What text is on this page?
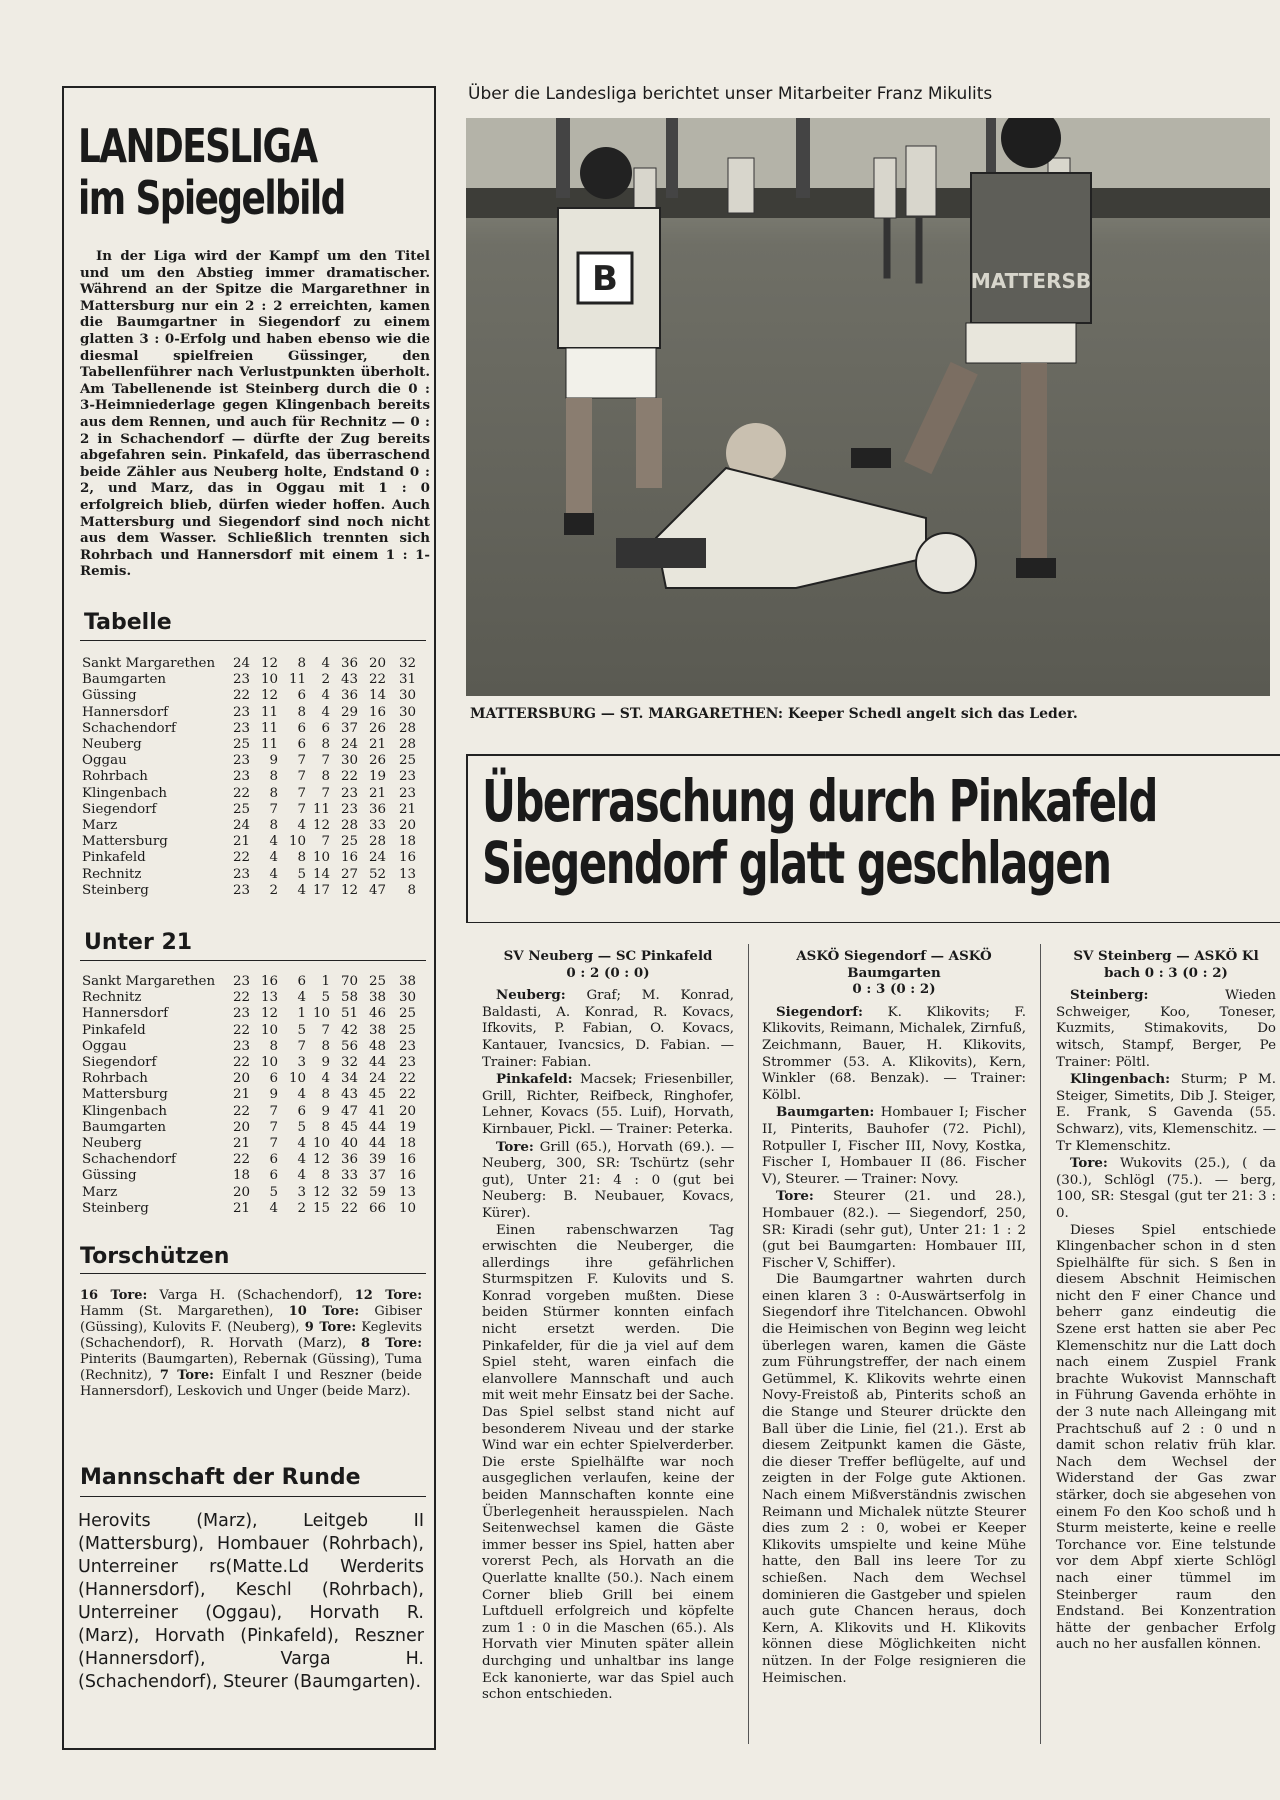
LANDESLIGA
im Spiegelbild
In der Liga wird der Kampf um den Titel und um den Abstieg immer dramatischer. Während an der Spitze die Margarethner in Mattersburg nur ein 2 : 2 erreichten, kamen die Baumgartner in Siegendorf zu einem glatten 3 : 0-Erfolg und haben ebenso wie die diesmal spielfreien Güssinger, den Tabellenführer nach Verlustpunkten überholt. Am Tabellenende ist Steinberg durch die 0 : 3-Heimniederlage gegen Klingenbach bereits aus dem Rennen, und auch für Rechnitz — 0 : 2 in Schachendorf — dürfte der Zug bereits abgefahren sein. Pinkafeld, das überraschend beide Zähler aus Neuberg holte, Endstand 0 : 2, und Marz, das in Oggau mit 1 : 0 erfolgreich blieb, dürfen wieder hoffen. Auch Mattersburg und Siegendorf sind noch nicht aus dem Wasser. Schließlich trennten sich Rohrbach und Hannersdorf mit einem 1 : 1-Remis.
Tabelle
Sankt Margarethen	24 12	8	4 36 20 32
Baumgarten	23 10 11	2 43 22 31
Güssing	22 12	6	4 36 14 30
Hannersdorf	23 11	8	4 29 16 30
Schachendorf	23 11	6	6 37 26 28
Neuberg	25 11	6	8 24 21 28
Oggau	23	9	7	7 30 26 25
Rohrbach	23	8	7	8 22 19 23
Klingenbach	22	8	7	7 23 21 23
Siegendorf	25	7	7 11 23 36 21
Marz	24	8	4 12 28 33 20
Mattersburg	21	4 10	7 25 28 18
Pinkafeld	22	4	8 10 16 24 16
Rechnitz	23	4	5 14 27 52 13
Steinberg	23	2	4 17 12 47	8
Unter 21
Sankt Margarethen	23 16	6	1 70 25 38
Rechnitz	22 13	4	5 58 38 30
Hannersdorf	23 12	1 10 51 46 25
Pinkafeld	22 10	5	7 42 38 25
Oggau	23	8	7	8 56 48 23
Siegendorf	22 10	3	9 32 44 23
Rohrbach	20	6 10	4 34 24 22
Mattersburg	21	9	4	8 43 45 22
Klingenbach	22	7	6	9 47 41 20
Baumgarten	20	7	5	8 45 44 19
Neuberg	21	7	4 10 40 44 18
Schachendorf	22	6	4 12 36 39 16
Güssing	18	6	4	8 33 37 16
Marz	20	5	3 12 32 59 13
Steinberg	21	4	2 15 22 66 10
Torschützen
16 Tore: Varga H. (Schachendorf), 12 Tore: Hamm (St. Margarethen), 10 Tore: Gibiser (Güssing), Kulovits F. (Neuberg), 9 Tore: Keglevits (Schachendorf), R. Horvath (Marz), 8 Tore: Pinterits (Baumgarten), Rebernak (Güssing), Tuma (Rechnitz), 7 Tore: Einfalt I und Reszner (beide Hannersdorf), Leskovich und Unger (beide Marz).
Mannschaft der Runde
Herovits (Marz), Leitgeb II (Mattersburg), Hombauer (Rohrbach), Unterreiner rs(Matte.Ld Werderits (Hannersdorf), Keschl (Rohrbach), Unterreiner (Oggau), Horvath R. (Marz), Horvath (Pinkafeld), Reszner (Hannersdorf), Varga H. (Schachendorf), Steurer (Baumgarten).
Über die Landesliga berichtet unser Mitarbeiter Franz Mikulits
B	MATTERSB
MATTERSBURG — ST. MARGARETHEN: Keeper Schedl angelt sich das Leder.
Überraschung durch Pinkafeld
Siegendorf glatt geschlagen

SV Neuberg — SC Pinkafeld

0 : 2 (0 : 0)

Neuberg: Graf; M. Konrad, Baldasti, A. Konrad, R. Kovacs, Ifkovits, P. Fabian, O. Kovacs, Kantauer, Ivancsics, D. Fabian. — Trainer: Fabian.

Pinkafeld: Macsek; Friesenbiller, Grill, Richter, Reifbeck, Ringhofer, Lehner, Kovacs (55. Luif), Horvath, Kirnbauer, Pickl. — Trainer: Peterka.

Tore: Grill (65.), Horvath (69.). — Neuberg, 300, SR: Tschürtz (sehr gut), Unter 21: 4 : 0 (gut bei Neuberg: B. Neubauer, Kovacs, Kürer).

Einen rabenschwarzen Tag erwischten die Neuberger, die allerdings ihre gefährlichen Sturmspitzen F. Kulovits und S. Konrad vorgeben mußten. Diese beiden Stürmer konnten einfach nicht ersetzt werden. Die Pinkafelder, für die ja viel auf dem Spiel steht, waren einfach die elanvollere Mannschaft und auch mit weit mehr Einsatz bei der Sache. Das Spiel selbst stand nicht auf besonderem Niveau und der starke Wind war ein echter Spielverderber. Die erste Spielhälfte war noch ausgeglichen verlaufen, keine der beiden Mannschaften konnte eine Überlegenheit herausspielen. Nach Seitenwechsel kamen die Gäste immer besser ins Spiel, hatten aber vorerst Pech, als Horvath an die Querlatte knallte (50.). Nach einem Corner blieb Grill bei einem Luftduell erfolgreich und köpfelte zum 1 : 0 in die Maschen (65.). Als Horvath vier Minuten später allein durchging und unhaltbar ins lange Eck kanonierte, war das Spiel auch schon entschieden.

ASKÖ Siegendorf — ASKÖ Baumgarten

0 : 3 (0 : 2)

Siegendorf: K. Klikovits; F. Klikovits, Reimann, Michalek, Zirnfuß, Zeichmann, Bauer, H. Klikovits, Strommer (53. A. Klikovits), Kern, Winkler (68. Benzak). — Trainer: Kölbl.

Baumgarten: Hombauer I; Fischer II, Pinterits, Bauhofer (72. Pichl), Rotpuller I, Fischer III, Novy, Kostka, Fischer I, Hombauer II (86. Fischer V), Steurer. — Trainer: Novy.

Tore: Steurer (21. und 28.), Hombauer (82.). — Siegendorf, 250, SR: Kiradi (sehr gut), Unter 21: 1 : 2 (gut bei Baumgarten: Hombauer III, Fischer V, Schiffer).

Die Baumgartner wahrten durch einen klaren 3 : 0-Auswärtserfolg in Siegendorf ihre Titelchancen. Obwohl die Heimischen von Beginn weg leicht überlegen waren, kamen die Gäste zum Führungstreffer, der nach einem Getümmel, K. Klikovits wehrte einen Novy-Freistoß ab, Pinterits schoß an die Stange und Steurer drückte den Ball über die Linie, fiel (21.). Erst ab diesem Zeitpunkt kamen die Gäste, die dieser Treffer beflügelte, auf und zeigten in der Folge gute Aktionen. Nach einem Mißverständnis zwischen Reimann und Michalek nützte Steurer dies zum 2 : 0, wobei er Keeper Klikovits umspielte und keine Mühe hatte, den Ball ins leere Tor zu schießen. Nach dem Wechsel dominieren die Gastgeber und spielen auch gute Chancen heraus, doch Kern, A. Klikovits und H. Klikovits können diese Möglichkeiten nicht nützen. In der Folge resignieren die Heimischen.

SV Steinberg — ASKÖ Kl

bach 0 : 3 (0 : 2)

Steinberg: Wieden Schweiger, Koo, Toneser, Kuzmits, Stimakovits, Do witsch, Stampf, Berger, Pe Trainer: Pöltl.

Klingenbach: Sturm; P M. Steiger, Simetits, Dib J. Steiger, E. Frank, S Gavenda (55. Schwarz), vits, Klemenschitz. — Tr Klemenschitz.

Tore: Wukovits (25.), ( da (30.), Schlögl (75.). — berg, 100, SR: Stesgal (gut ter 21: 3 : 0.

Dieses Spiel entschiede Klingenbacher schon in d sten Spielhälfte für sich. S ßen in diesem Abschnit Heimischen nicht den F einer Chance und beherr ganz eindeutig die Szene erst hatten sie aber Pec Klemenschitz nur die Latt doch nach einem Zuspiel Frank brachte Wukovist Mannschaft in Führung Gavenda erhöhte in der 3 nute nach Alleingang mit Prachtschuß auf 2 : 0 und n damit schon relativ früh klar. Nach dem Wechsel der Widerstand der Gas zwar stärker, doch sie abgesehen von einem Fo den Koo schoß und h Sturm meisterte, keine e reelle Torchance vor. Eine telstunde vor dem Abpf xierte Schlögl nach einer tümmel im Steinberger raum den Endstand. Bei Konzentration hätte der genbacher Erfolg auch no her ausfallen können.
